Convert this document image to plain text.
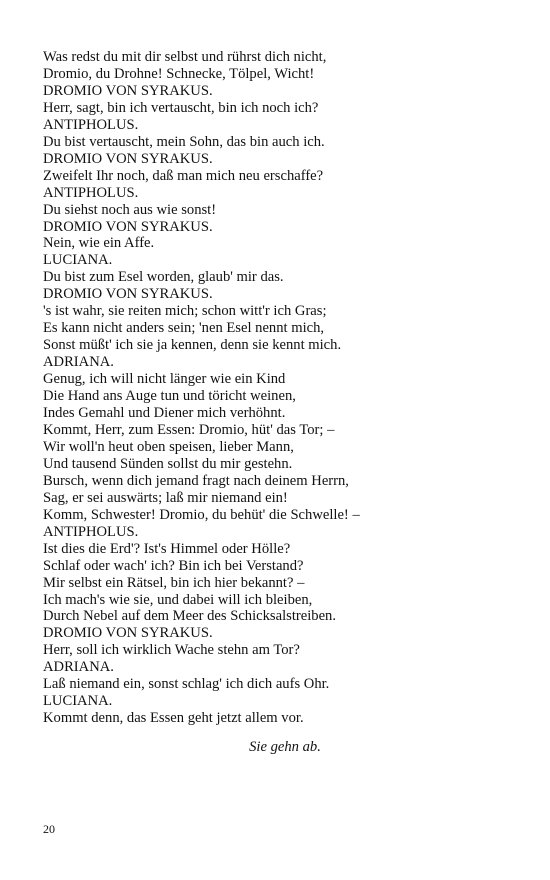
Was redst du mit dir selbst und rührst dich nicht,
Dromio, du Drohne! Schnecke, Tölpel, Wicht!
DROMIO VON SYRAKUS.
Herr, sagt, bin ich vertauscht, bin ich noch ich?
ANTIPHOLUS.
Du bist vertauscht, mein Sohn, das bin auch ich.
DROMIO VON SYRAKUS.
Zweifelt Ihr noch, daß man mich neu erschaffe?
ANTIPHOLUS.
Du siehst noch aus wie sonst!
DROMIO VON SYRAKUS.
Nein, wie ein Affe.
LUCIANA.
Du bist zum Esel worden, glaub' mir das.
DROMIO VON SYRAKUS.
's ist wahr, sie reiten mich; schon witt'r ich Gras;
Es kann nicht anders sein; 'nen Esel nennt mich,
Sonst müßt' ich sie ja kennen, denn sie kennt mich.
ADRIANA.
Genug, ich will nicht länger wie ein Kind
Die Hand ans Auge tun und töricht weinen,
Indes Gemahl und Diener mich verhöhnt.
Kommt, Herr, zum Essen: Dromio, hüt' das Tor; –
Wir woll'n heut oben speisen, lieber Mann,
Und tausend Sünden sollst du mir gestehn.
Bursch, wenn dich jemand fragt nach deinem Herrn,
Sag, er sei auswärts; laß mir niemand ein!
Komm, Schwester! Dromio, du behüt' die Schwelle! –
ANTIPHOLUS.
Ist dies die Erd'? Ist's Himmel oder Hölle?
Schlaf oder wach' ich? Bin ich bei Verstand?
Mir selbst ein Rätsel, bin ich hier bekannt? –
Ich mach's wie sie, und dabei will ich bleiben,
Durch Nebel auf dem Meer des Schicksalstreiben.
DROMIO VON SYRAKUS.
Herr, soll ich wirklich Wache stehn am Tor?
ADRIANA.
Laß niemand ein, sonst schlag' ich dich aufs Ohr.
LUCIANA.
Kommt denn, das Essen geht jetzt allem vor.
Sie gehn ab.
20
